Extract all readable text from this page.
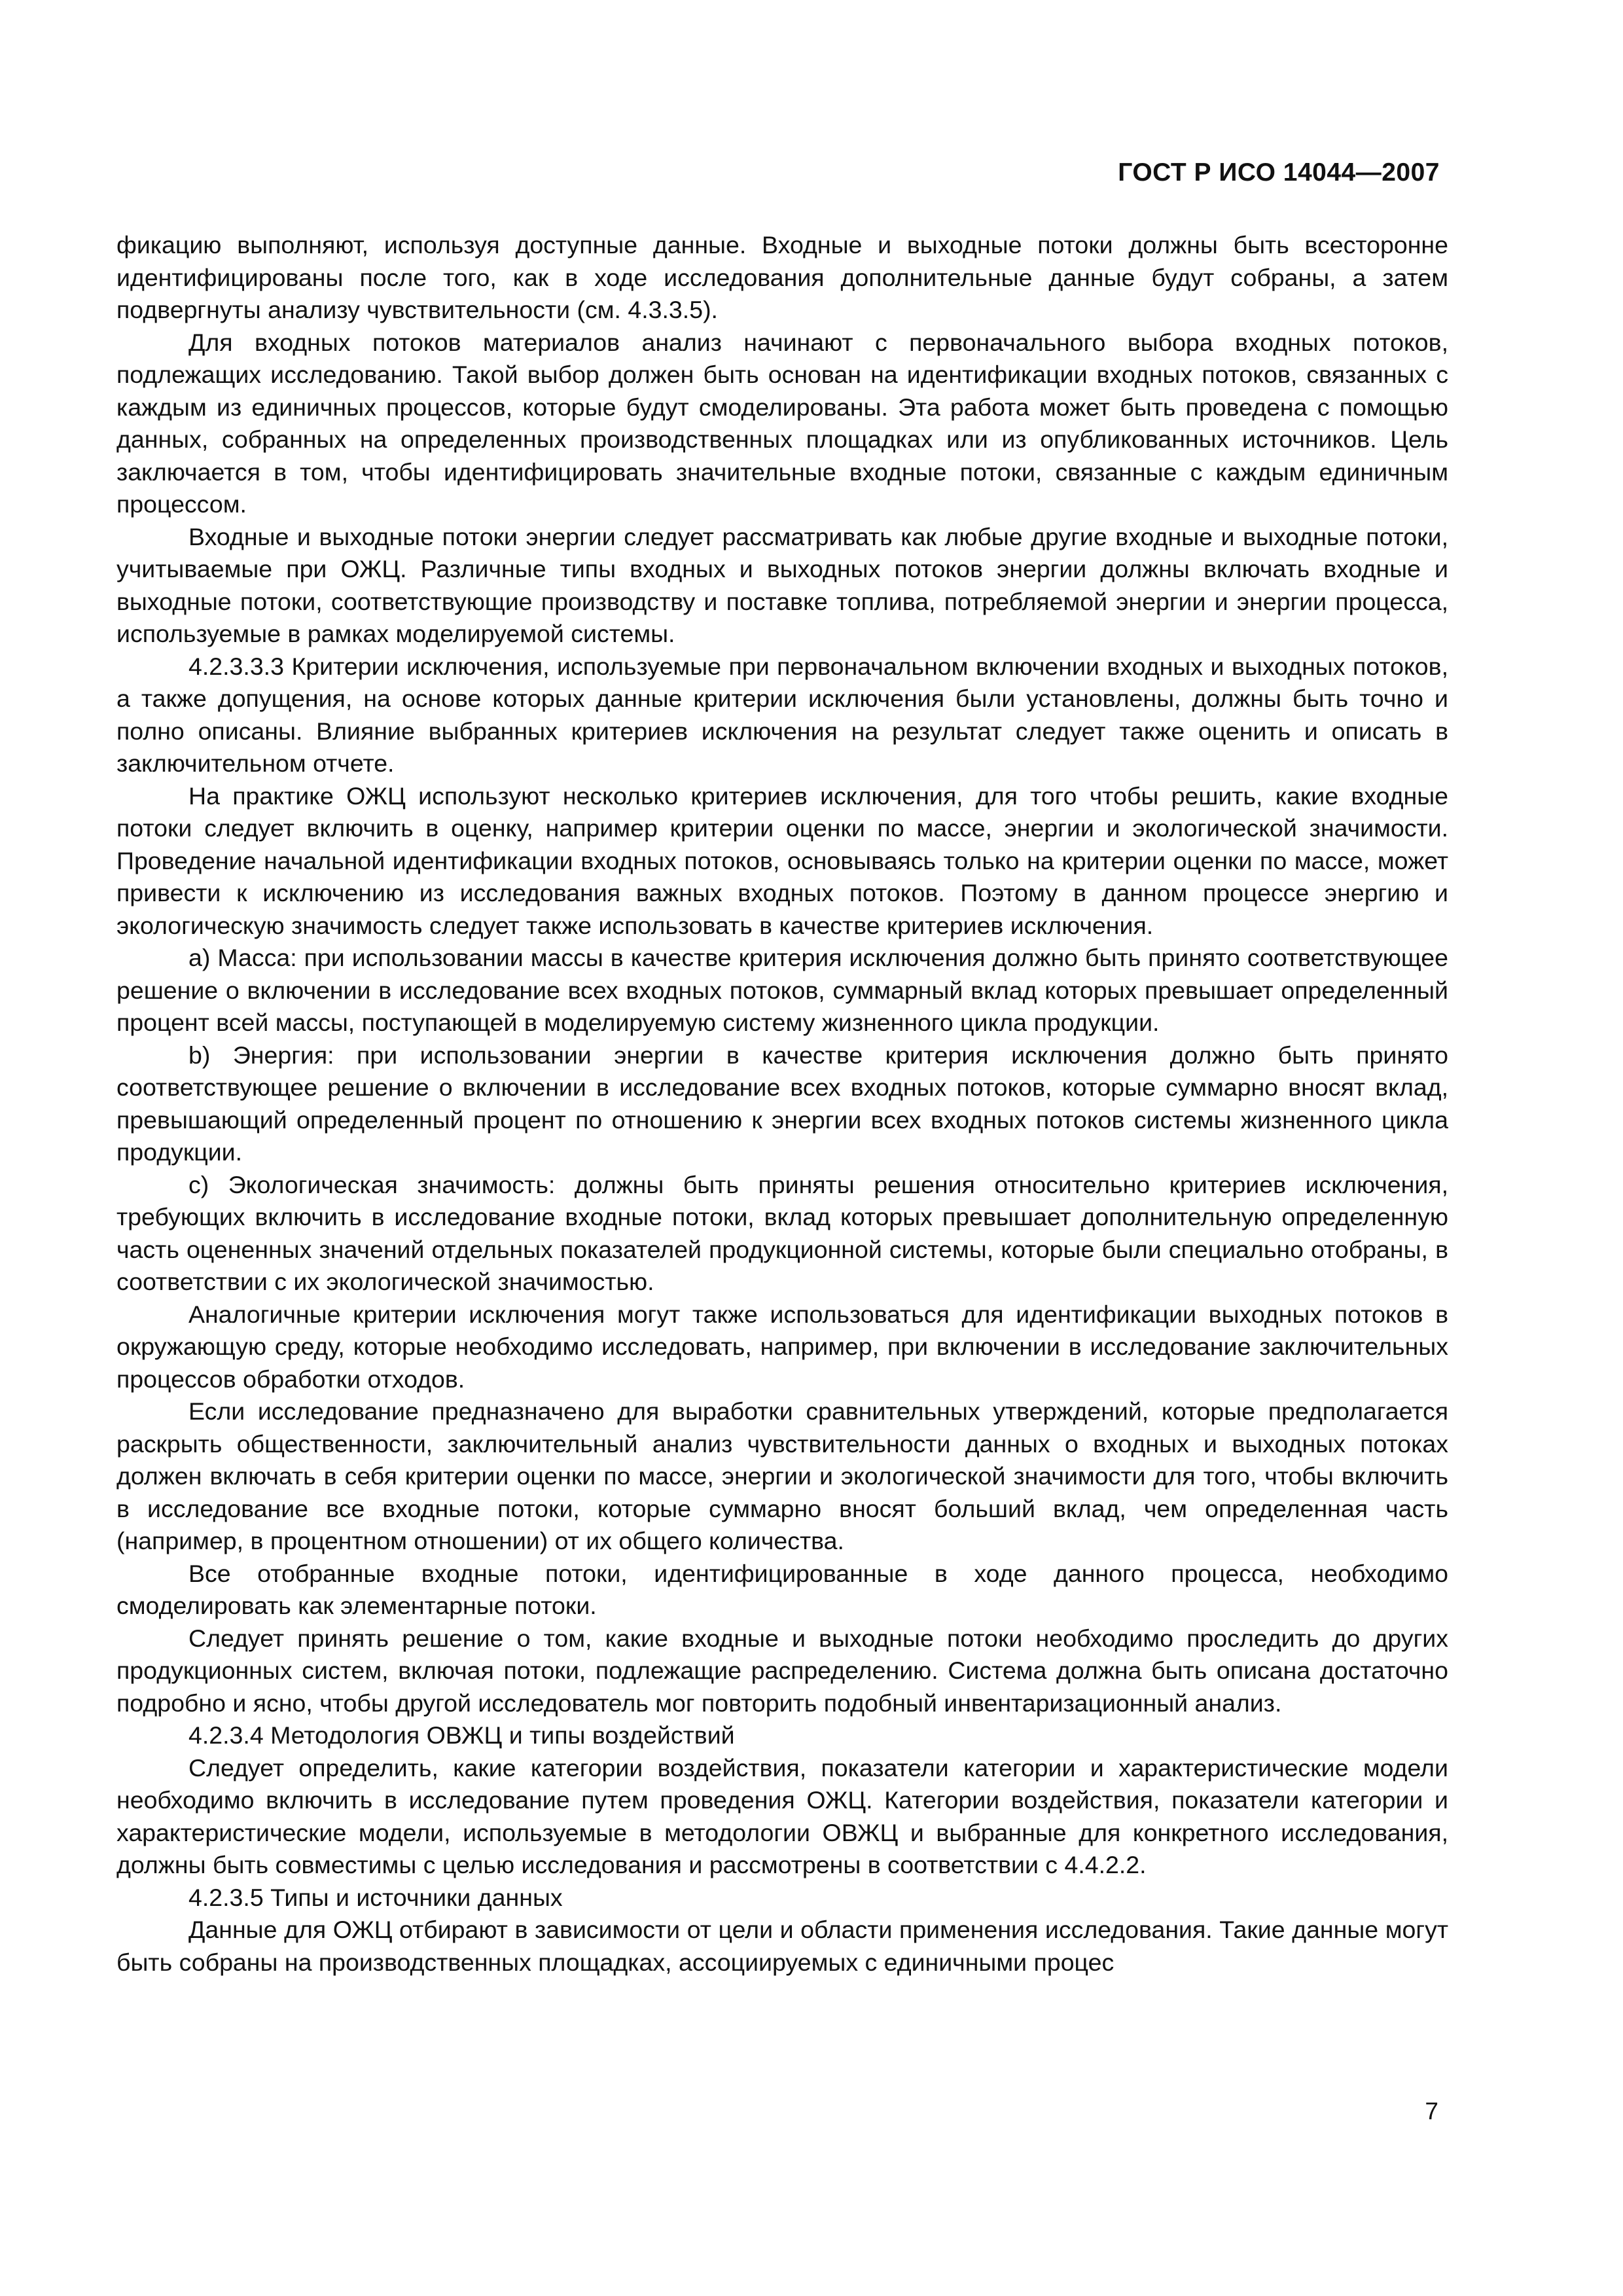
ГОСТ Р ИСО 14044—2007

фикацию выполняют, используя доступные данные. Входные и выходные потоки должны быть всесторонне идентифицированы после того, как в ходе исследования дополнительные данные будут собраны, а затем подвергнуты анализу чувствительности (см. 4.3.3.5).

Для входных потоков материалов анализ начинают с первоначального выбора входных потоков, подлежащих исследованию. Такой выбор должен быть основан на идентификации входных потоков, связанных с каждым из единичных процессов, которые будут смоделированы. Эта работа может быть проведена с помощью данных, собранных на определенных производственных площадках или из опубликованных источников. Цель заключается в том, чтобы идентифицировать значительные входные потоки, связанные с каждым единичным процессом.

Входные и выходные потоки энергии следует рассматривать как любые другие входные и выходные потоки, учитываемые при ОЖЦ. Различные типы входных и выходных потоков энергии должны включать входные и выходные потоки, соответствующие производству и поставке топлива, потребляемой энергии и энергии процесса, используемые в рамках моделируемой системы.

4.2.3.3.3 Критерии исключения, используемые при первоначальном включении входных и выходных потоков, а также допущения, на основе которых данные критерии исключения были установлены, должны быть точно и полно описаны. Влияние выбранных критериев исключения на результат следует также оценить и описать в заключительном отчете.

На практике ОЖЦ используют несколько критериев исключения, для того чтобы решить, какие входные потоки следует включить в оценку, например критерии оценки по массе, энергии и экологической значимости. Проведение начальной идентификации входных потоков, основываясь только на критерии оценки по массе, может привести к исключению из исследования важных входных потоков. Поэтому в данном процессе энергию и экологическую значимость следует также использовать в качестве критериев исключения.

a) Масса: при использовании массы в качестве критерия исключения должно быть принято соответствующее решение о включении в исследование всех входных потоков, суммарный вклад которых превышает определенный процент всей массы, поступающей в моделируемую систему жизненного цикла продукции.

b) Энергия: при использовании энергии в качестве критерия исключения должно быть принято соответствующее решение о включении в исследование всех входных потоков, которые суммарно вносят вклад, превышающий определенный процент по отношению к энергии всех входных потоков системы жизненного цикла продукции.

c) Экологическая значимость: должны быть приняты решения относительно критериев исключения, требующих включить в исследование входные потоки, вклад которых превышает дополнительную определенную часть оцененных значений отдельных показателей продукционной системы, которые были специально отобраны, в соответствии с их экологической значимостью.

Аналогичные критерии исключения могут также использоваться для идентификации выходных потоков в окружающую среду, которые необходимо исследовать, например, при включении в исследование заключительных процессов обработки отходов.

Если исследование предназначено для выработки сравнительных утверждений, которые предполагается раскрыть общественности, заключительный анализ чувствительности данных о входных и выходных потоках должен включать в себя критерии оценки по массе, энергии и экологической значимости для того, чтобы включить в исследование все входные потоки, которые суммарно вносят больший вклад, чем определенная часть (например, в процентном отношении) от их общего количества.

Все отобранные входные потоки, идентифицированные в ходе данного процесса, необходимо смоделировать как элементарные потоки.

Следует принять решение о том, какие входные и выходные потоки необходимо проследить до других продукционных систем, включая потоки, подлежащие распределению. Система должна быть описана достаточно подробно и ясно, чтобы другой исследователь мог повторить подобный инвентаризационный анализ.

4.2.3.4 Методология ОВЖЦ и типы воздействий

Следует определить, какие категории воздействия, показатели категории и характеристические модели необходимо включить в исследование путем проведения ОЖЦ. Категории воздействия, показатели категории и характеристические модели, используемые в методологии ОВЖЦ и выбранные для конкретного исследования, должны быть совместимы с целью исследования и рассмотрены в соответствии с 4.4.2.2.

4.2.3.5 Типы и источники данных

Данные для ОЖЦ отбирают в зависимости от цели и области применения исследования. Такие данные могут быть собраны на производственных площадках, ассоциируемых с единичными процес

7
